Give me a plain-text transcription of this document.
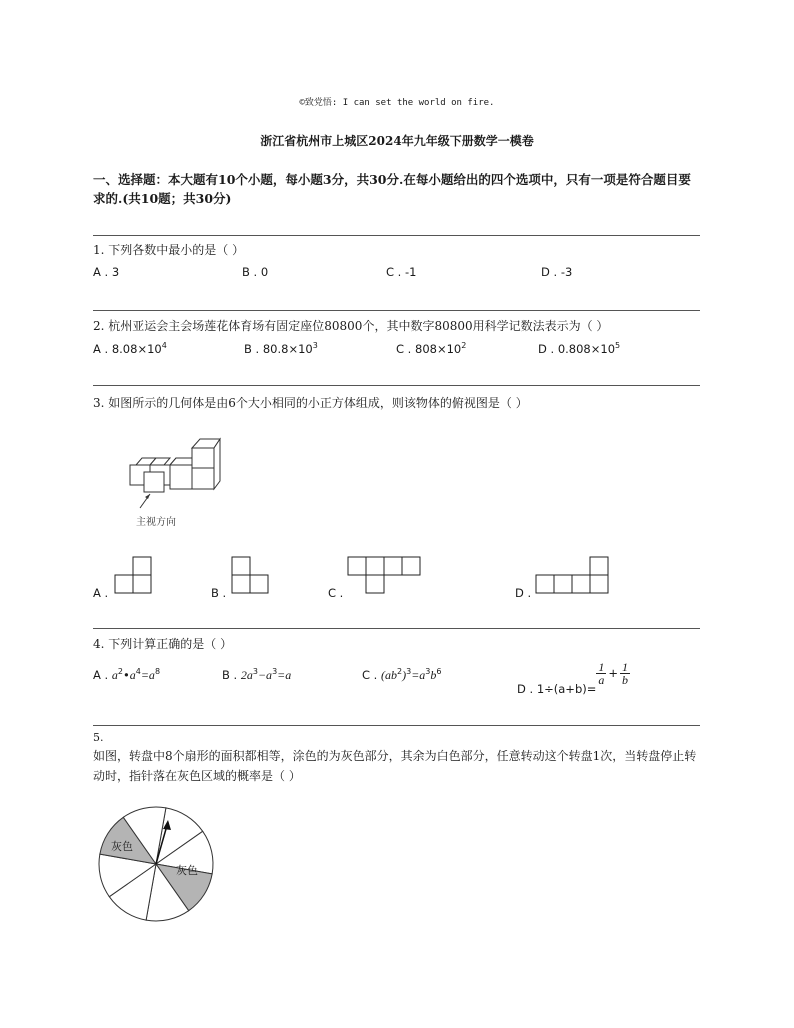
©致党悟: I can set the world on fire.
浙江省杭州市上城区2024年九年级下册数学一模卷
一、选择题：本大题有10个小题，每小题3分，共30分.在每小题给出的四个选项中，只有一项是符合题目要求的.(共10题；共30分)
1. 下列各数中最小的是（ ）
A . 3	B . 0	C . -1	D . -3
2. 杭州亚运会主会场莲花体育场有固定座位80800个，其中数字80800用科学记数法表示为（ ）
A . $8.08\times 10^4$	B . $80.8\times 10^3$	C . $808\times 10^2$	D . $0.808\times 10^5$
3. 如图所示的几何体是由6个大小相同的小正方体组成，则该物体的俯视图是（ ）
主视方向
A .	B .	C .	D .
4. 下列计算正确的是（ ）
A . $a^2•a^4=a^8$	B . $2a^3-a^3=a$	C . $(ab^2)^3=a^3b^6$
D . 1÷(a+b)=
$\frac{1}{a} + \frac{1}{b}$
5.
如图，转盘中8个扇形的面积都相等，涂色的为灰色部分，其余为白色部分，任意转动这个转盘1次，当转盘停止转动时，指针落在灰色区域的概率是（ ）
灰色
灰色
